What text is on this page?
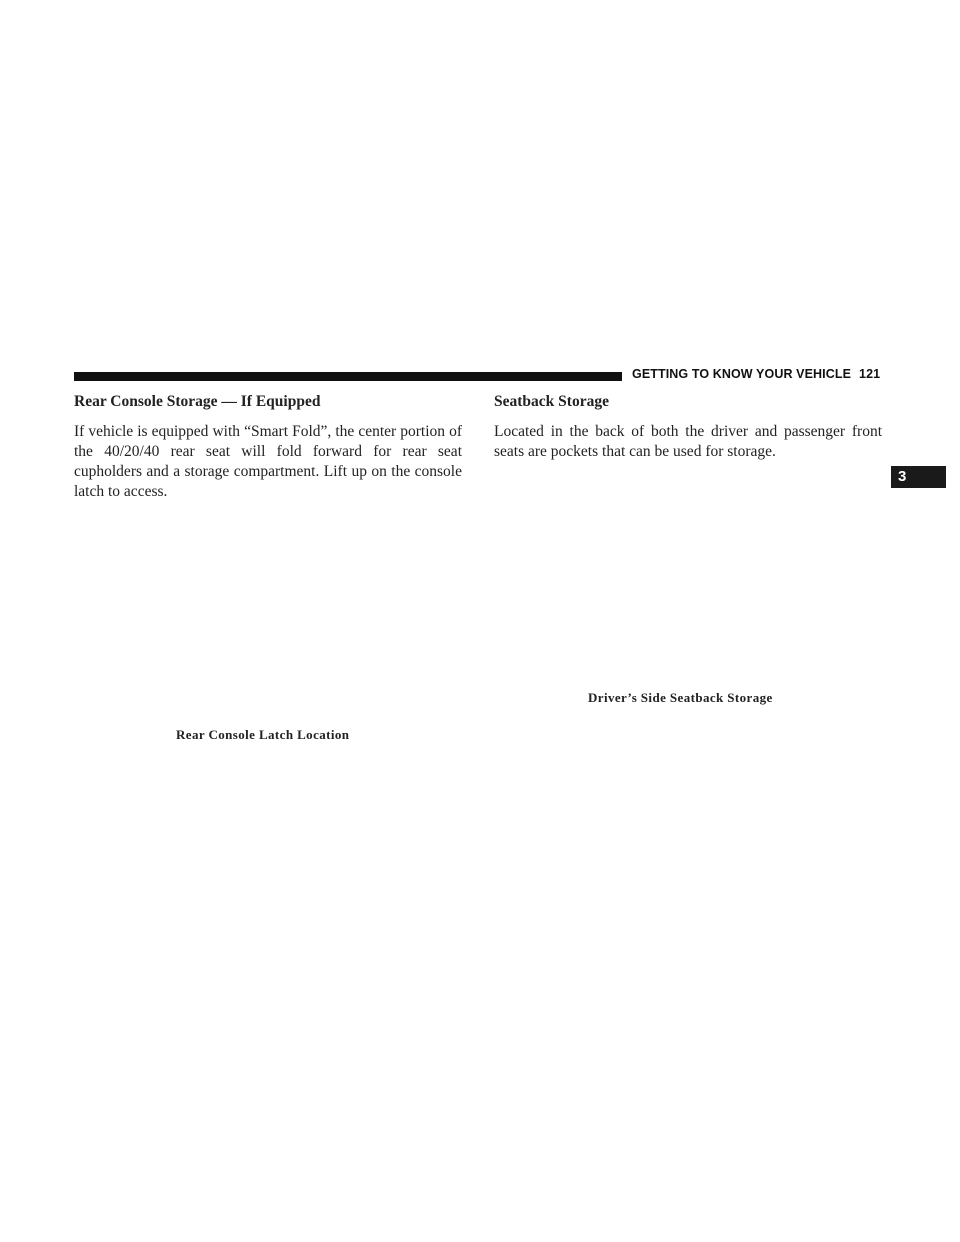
GETTING TO KNOW YOUR VEHICLE 121
3
Rear Console Storage — If Equipped

If vehicle is equipped with “Smart Fold”, the center portion of the 40/20/40 rear seat will fold forward for rear seat cupholders and a storage compartment. Lift up on the console latch to access.

Rear Console Latch Location
Seatback Storage

Located in the back of both the driver and passenger front seats are pockets that can be used for storage.

Driver’s Side Seatback Storage
